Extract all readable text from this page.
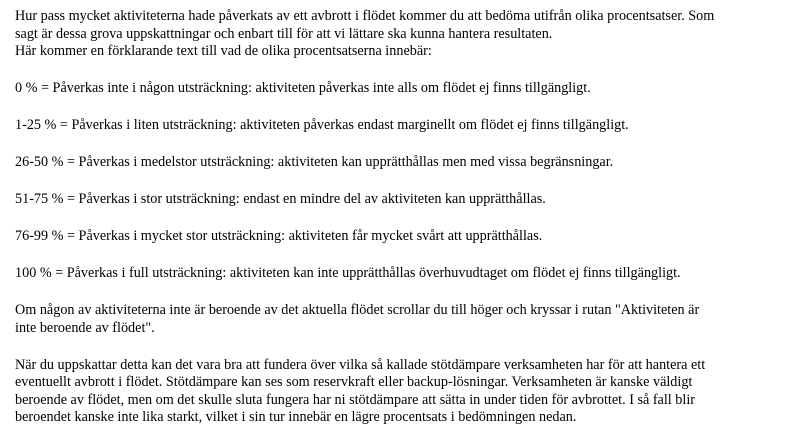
Hur pass mycket aktiviteterna hade påverkats av ett avbrott i flödet kommer du att bedöma utifrån olika procentsatser. Som
sagt är dessa grova uppskattningar och enbart till för att vi lättare ska kunna hantera resultaten.
Här kommer en förklarande text till vad de olika procentsatserna innebär:
0 % = Påverkas inte i någon utsträckning: aktiviteten påverkas inte alls om flödet ej finns tillgängligt.
1-25 % = Påverkas i liten utsträckning: aktiviteten påverkas endast marginellt om flödet ej finns tillgängligt.
26-50 % = Påverkas i medelstor utsträckning: aktiviteten kan upprätthållas men med vissa begränsningar.
51-75 % = Påverkas i stor utsträckning: endast en mindre del av aktiviteten kan upprätthållas.
76-99 % = Påverkas i mycket stor utsträckning: aktiviteten får mycket svårt att upprätthållas.
100 % = Påverkas i full utsträckning: aktiviteten kan inte upprätthållas överhuvudtaget om flödet ej finns tillgängligt.
Om någon av aktiviteterna inte är beroende av det aktuella flödet scrollar du till höger och kryssar i rutan "Aktiviteten är
inte beroende av flödet".
När du uppskattar detta kan det vara bra att fundera över vilka så kallade stötdämpare verksamheten har för att hantera ett
eventuellt avbrott i flödet. Stötdämpare kan ses som reservkraft eller backup-lösningar. Verksamheten är kanske väldigt
beroende av flödet, men om det skulle sluta fungera har ni stötdämpare att sätta in under tiden för avbrottet. I så fall blir
beroendet kanske inte lika starkt, vilket i sin tur innebär en lägre procentsats i bedömningen nedan.
